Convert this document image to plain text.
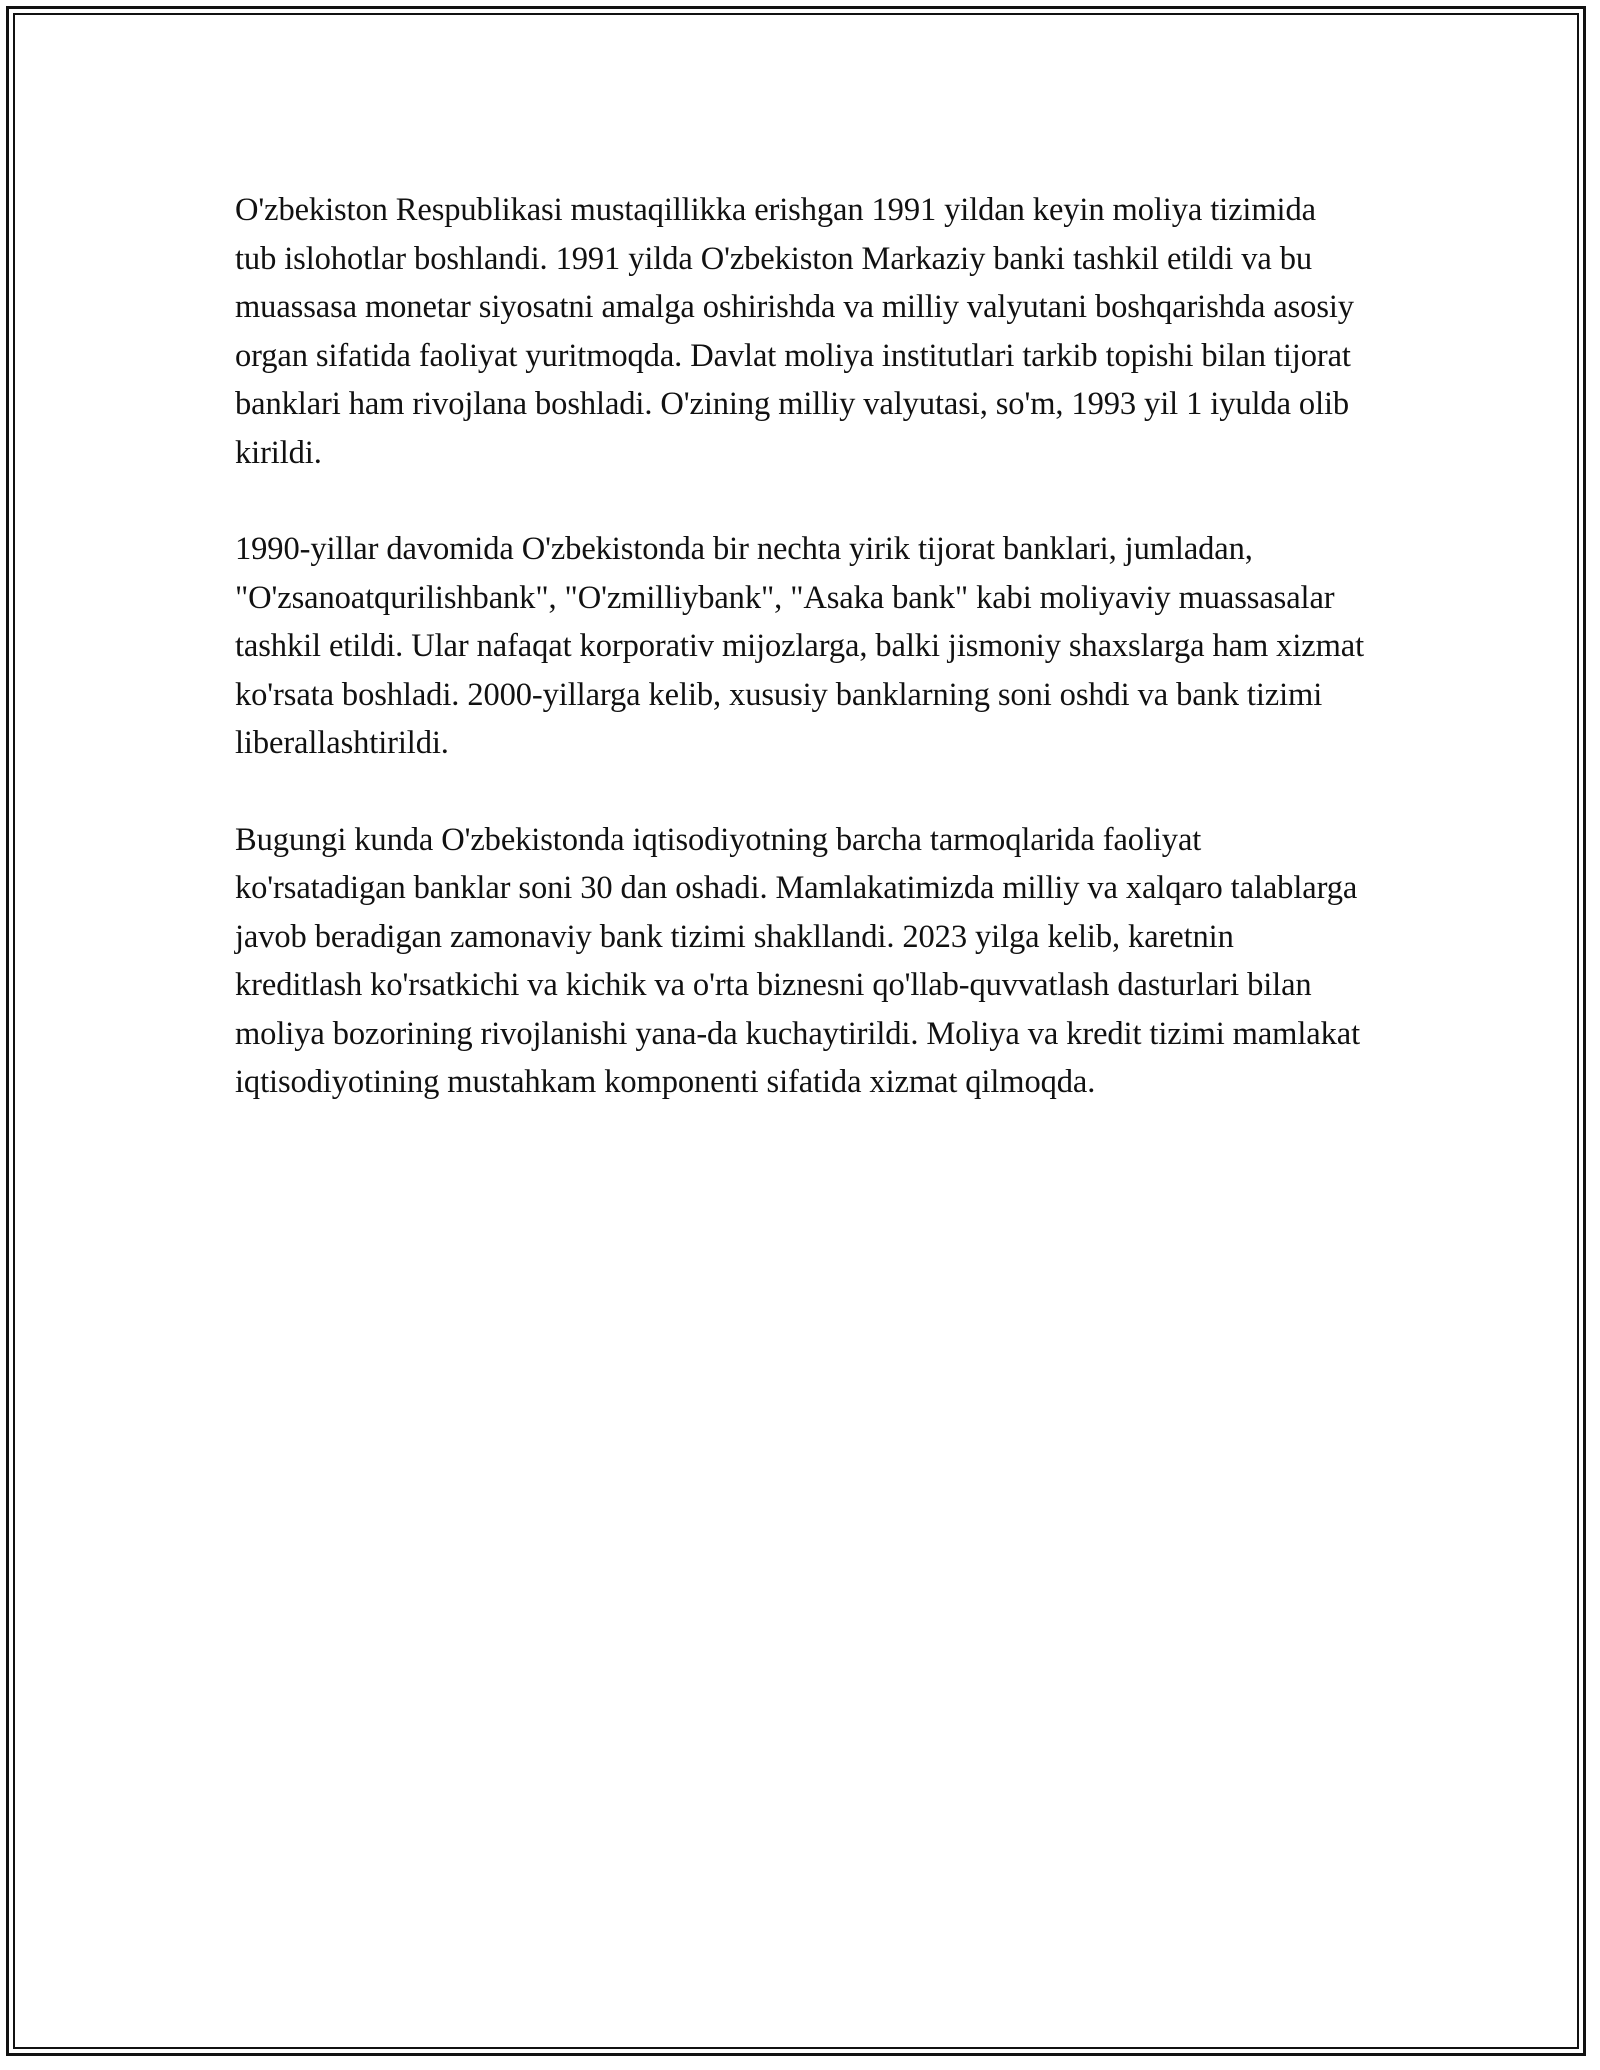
O'zbekiston Respublikasi mustaqillikka erishgan 1991 yildan keyin moliya tizimida tub islohotlar boshlandi. 1991 yilda O'zbekiston Markaziy banki tashkil etildi va bu muassasa monetar siyosatni amalga oshirishda va milliy valyutani boshqarishda asosiy organ sifatida faoliyat yuritmoqda. Davlat moliya institutlari tarkib topishi bilan tijorat banklari ham rivojlana boshladi. O'zining milliy valyutasi, so'm, 1993 yil 1 iyulda olib kirildi.

1990-yillar davomida O'zbekistonda bir nechta yirik tijorat banklari, jumladan, "O'zsanoatqurilishbank", "O'zmilliybank", "Asaka bank" kabi moliyaviy muassasalar tashkil etildi. Ular nafaqat korporativ mijozlarga, balki jismoniy shaxslarga ham xizmat ko'rsata boshladi. 2000-yillarga kelib, xususiy banklarning soni oshdi va bank tizimi liberallashtirildi.

Bugungi kunda O'zbekistonda iqtisodiyotning barcha tarmoqlarida faoliyat ko'rsatadigan banklar soni 30 dan oshadi. Mamlakatimizda milliy va xalqaro talablarga javob beradigan zamonaviy bank tizimi shakllandi. 2023 yilga kelib, karetnin kreditlash ko'rsatkichi va kichik va o'rta biznesni qo'llab-quvvatlash dasturlari bilan moliya bozorining rivojlanishi yana-da kuchaytirildi. Moliya va kredit tizimi mamlakat iqtisodiyotining mustahkam komponenti sifatida xizmat qilmoqda.
